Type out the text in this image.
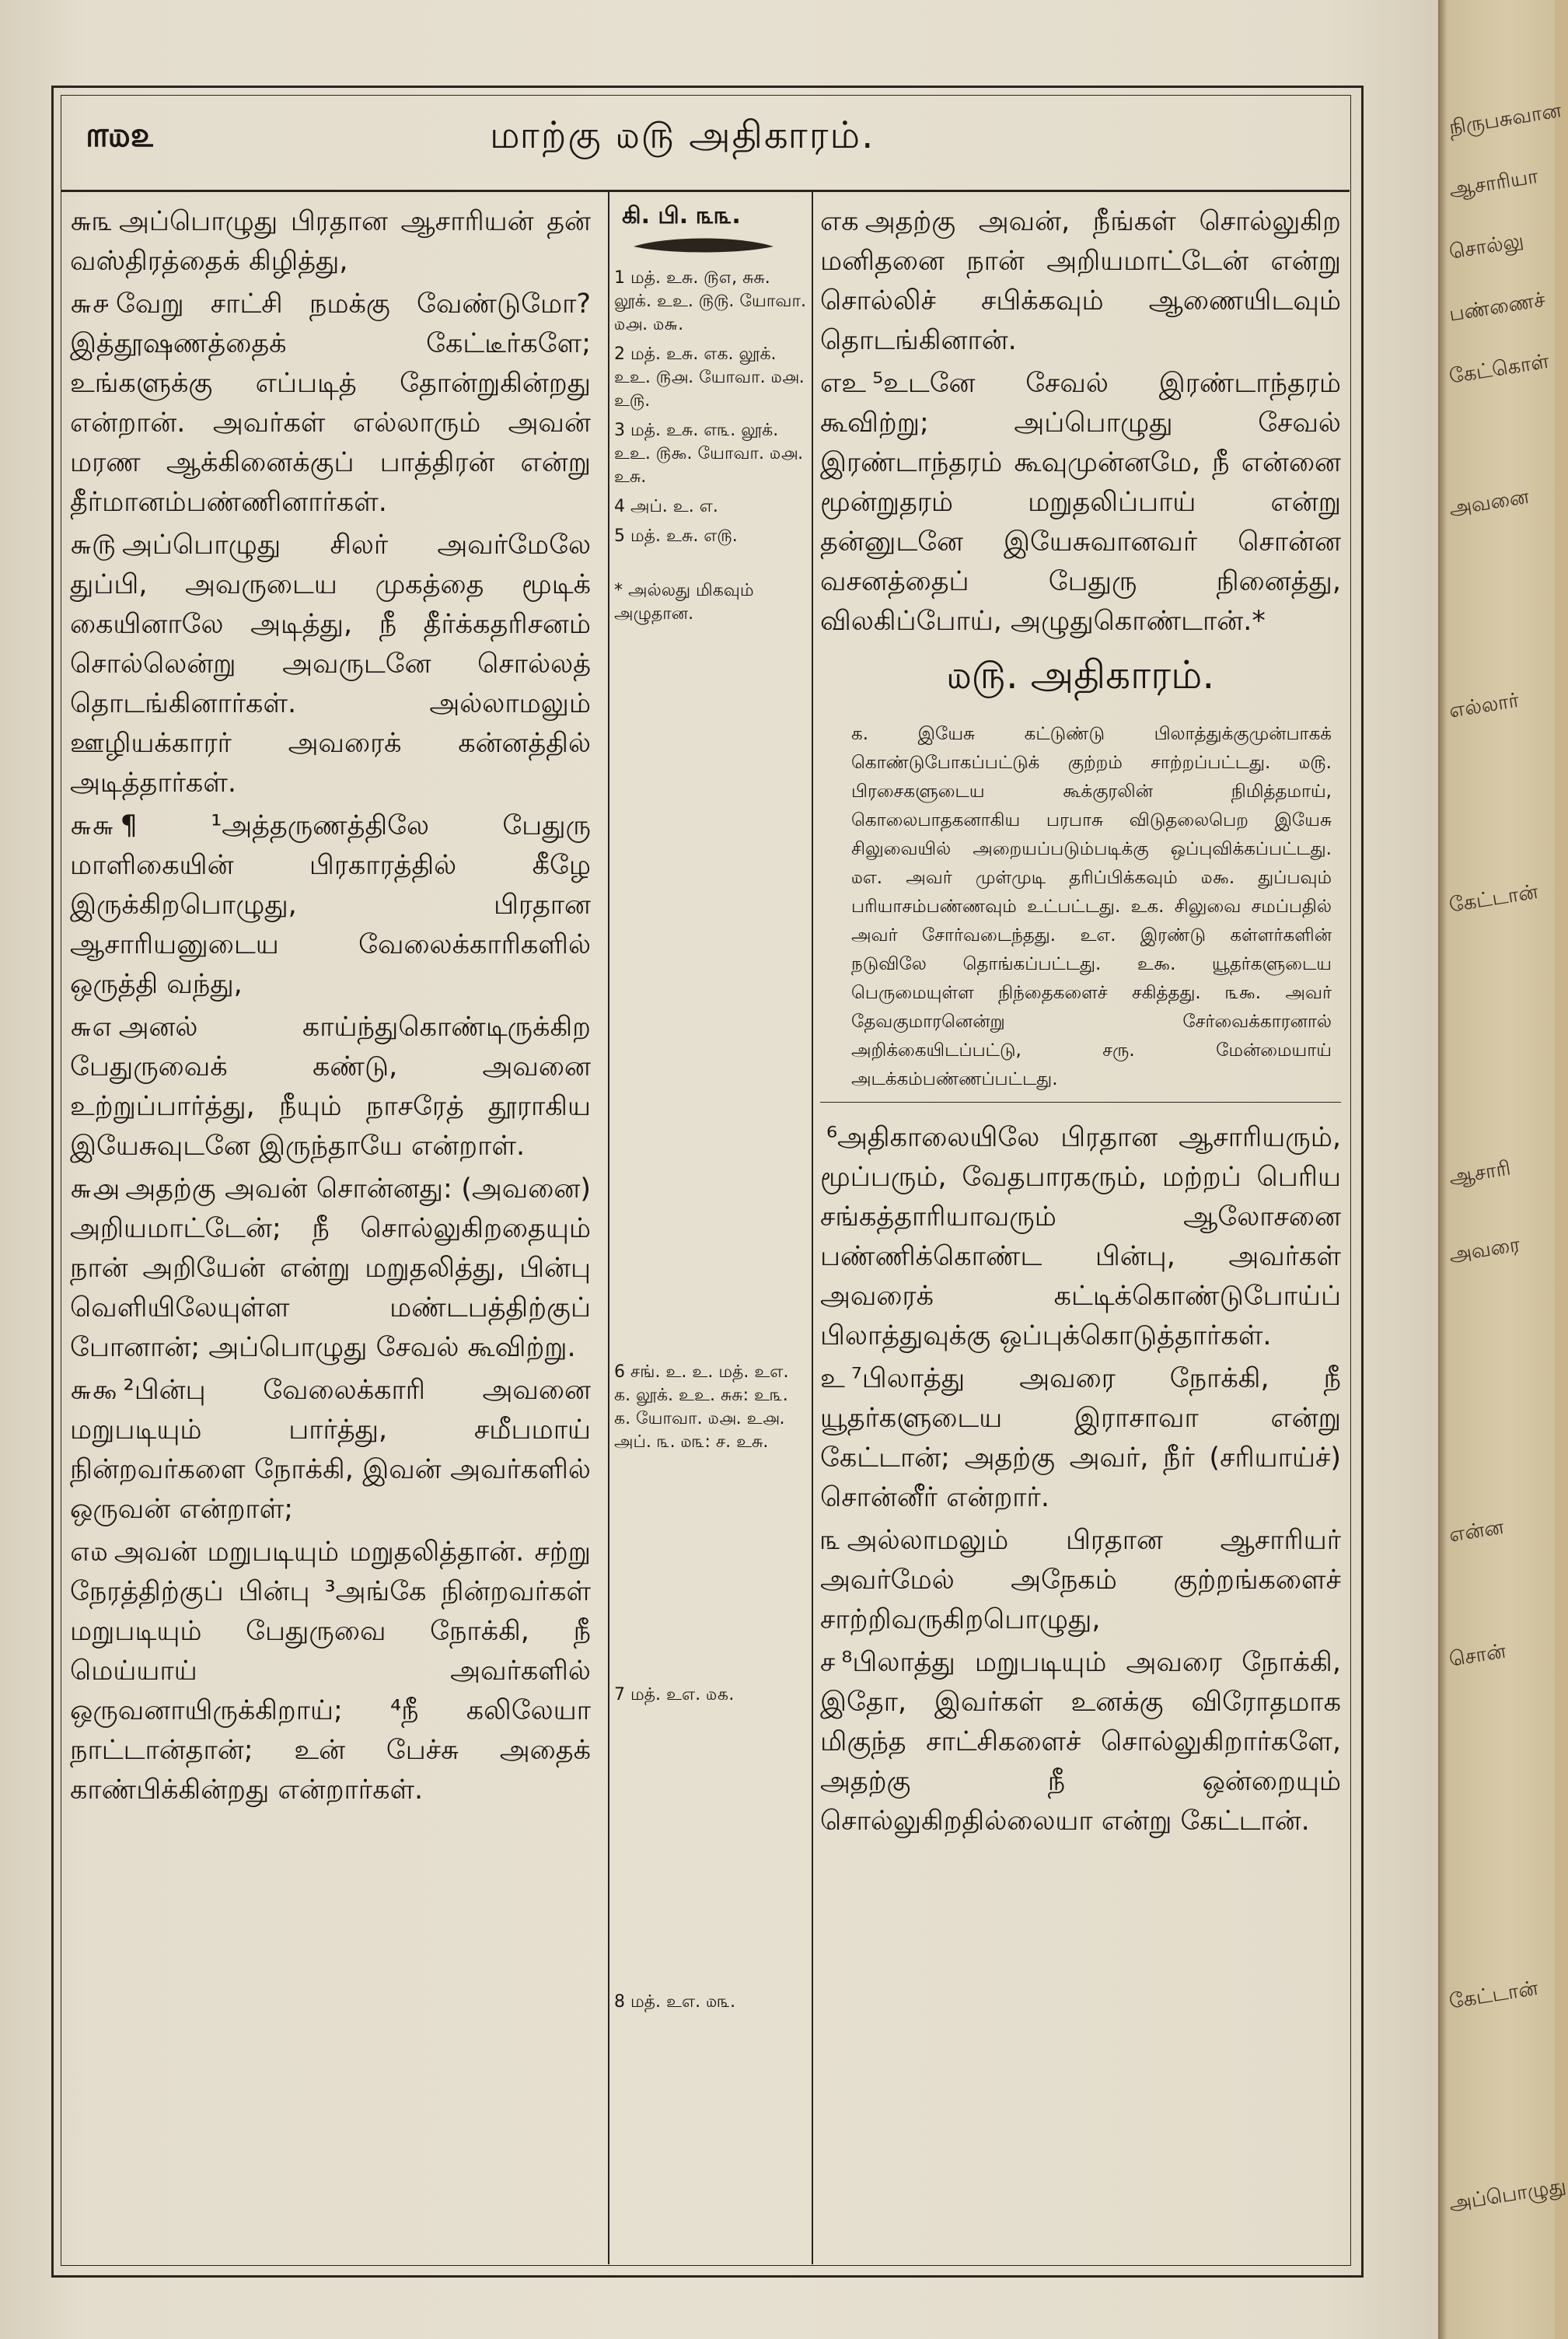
நிருபசுவான
ஆசாரியா
சொல்லு
பண்ணைச்
கேட்கொள்
அவனை
எல்லார்
கேட்டான்
ஆசாரி
அவரை
என்ன
சொன்
கேட்டான்
அப்பொழுது
௱௰௨	மாற்கு ௰௫ அதிகாரம்.

௬௩ அப்பொழுது பிரதான ஆசாரியன் தன் வஸ்திரத்தைக் கிழித்து,

௬௪ வேறு சாட்சி நமக்கு வேண்டுமோ? இத்தூஷணத்தைக் கேட்டீர்களே; உங்களுக்கு எப்படித் தோன்றுகின்றது என்றான். அவர்கள் எல்லாரும் அவன் மரண ஆக்கினைக்குப் பாத்திரன் என்று தீர்மானம்பண்ணினார்கள்.

௬௫ அப்பொழுது சிலர் அவர்மேலே துப்பி, அவருடைய முகத்தை மூடிக் கையினாலே அடித்து, நீ தீர்க்கதரிசனம் சொல்லென்று அவருடனே சொல்லத் தொடங்கினார்கள். அல்லாமலும் ஊழியக்காரர் அவரைக் கன்னத்தில் அடித்தார்கள்.

௬௬ ¶ ¹அத்தருணத்திலே பேதுரு மாளிகையின் பிரகாரத்தில் கீழே இருக்கிறபொழுது, பிரதான ஆசாரியனுடைய வேலைக்காரிகளில் ஒருத்தி வந்து,

௬௭ அனல் காய்ந்துகொண்டிருக்கிற பேதுருவைக் கண்டு, அவனை உற்றுப்பார்த்து, நீயும் நாசரேத் தூராகிய இயேசுவுடனே இருந்தாயே என்றாள்.

௬௮ அதற்கு அவன் சொன்னது: (அவனை) அறியமாட்டேன்; நீ சொல்லுகிறதையும் நான் அறியேன் என்று மறுதலித்து, பின்பு வெளியிலேயுள்ள மண்டபத்திற்குப் போனான்; அப்பொழுது சேவல் கூவிற்று.

௬௯ ²பின்பு வேலைக்காரி அவனை மறுபடியும் பார்த்து, சமீபமாய் நின்றவர்களை நோக்கி, இவன் அவர்களில் ஒருவன் என்றாள்;

௭௰ அவன் மறுபடியும் மறுதலித்தான். சற்று நேரத்திற்குப் பின்பு ³அங்கே நின்றவர்கள் மறுபடியும் பேதுருவை நோக்கி, நீ மெய்யாய் அவர்களில் ஒருவனாயிருக்கிறாய்; ⁴நீ கலிலேயா நாட்டான்தான்; உன் பேச்சு அதைக் காண்பிக்கின்றது என்றார்கள்.

கி. பி. ௩௩.
1 மத். உசு. ௫௭, சுசு. லூக். உஉ. ௫௫. யோவா. ௰௮. ௰௬.
2 மத். உசு. எக. லூக். உஉ. ௫௮. யோவா. ௰௮. உ௫.
3 மத். உசு. எ௩. லூக். உஉ. ௫௯. யோவா. ௰௮. உசு.
4 அப். உ. எ.
5 மத். உசு. எ௫.
* அல்லது மிகவும் அழுதான.
6 சங். உ. உ. மத். உஎ. க. லூக். உஉ. சுசு: உ௩. க. யோவா. ௰௮. உ௮. அப். ௩. ௰௩: ச. உசு.
7 மத். உஎ. ௰௧.
8 மத். உஎ. ௰௩.

எக அதற்கு அவன், நீங்கள் சொல்லுகிற மனிதனை நான் அறியமாட்டேன் என்று சொல்லிச் சபிக்கவும் ஆணையிடவும் தொடங்கினான்.

எஉ ⁵உடனே சேவல் இரண்டாந்தரம் கூவிற்று; அப்பொழுது சேவல் இரண்டாந்தரம் கூவுமுன்னமே, நீ என்னை மூன்றுதரம் மறுதலிப்பாய் என்று தன்னுடனே இயேசுவானவர் சொன்ன வசனத்தைப் பேதுரு நினைத்து, விலகிப்போய், அழுதுகொண்டான்.*

௰௫. அதிகாரம்.
க. இயேசு கட்டுண்டு பிலாத்துக்குமுன்பாகக் கொண்டுபோகப்பட்டுக் குற்றம் சாற்றப்பட்டது. ௰௫. பிரசைகளுடைய கூக்குரலின் நிமித்தமாய், கொலைபாதகனாகிய பரபாசு விடுதலைபெற இயேசு சிலுவையில் அறையப்படும்படிக்கு ஒப்புவிக்கப்பட்டது. ௰எ. அவர் முள்முடி தரிப்பிக்கவும் ௰௯. துப்பவும் பரியாசம்பண்ணவும் உட்பட்டது. உக. சிலுவை சமப்பதில் அவர் சோர்வடைந்தது. உஎ. இரண்டு கள்ளர்களின் நடுவிலே தொங்கப்பட்டது. உ௯. யூதர்களுடைய பெருமையுள்ள நிந்தைகளைச் சகித்தது. ௩௯. அவர் தேவகுமாரனென்று சேர்வைக்காரனால் அறிக்கையிடப்பட்டு, சரு. மேன்மையாய் அடக்கம்பண்ணப்பட்டது.

⁶அதிகாலையிலே பிரதான ஆசாரியரும், மூப்பரும், வேதபாரகரும், மற்றப் பெரிய சங்கத்தாரியாவரும் ஆலோசனை பண்ணிக்கொண்ட பின்பு, அவர்கள் அவரைக் கட்டிக்கொண்டுபோய்ப் பிலாத்துவுக்கு ஒப்புக்கொடுத்தார்கள்.

உ ⁷பிலாத்து அவரை நோக்கி, நீ யூதர்களுடைய இராசாவா என்று கேட்டான்; அதற்கு அவர், நீர் (சரியாய்ச்) சொன்னீர் என்றார்.

௩ அல்லாமலும் பிரதான ஆசாரியர் அவர்மேல் அநேகம் குற்றங்களைச் சாற்றிவருகிறபொழுது,

ச ⁸பிலாத்து மறுபடியும் அவரை நோக்கி, இதோ, இவர்கள் உனக்கு விரோதமாக மிகுந்த சாட்சிகளைச் சொல்லுகிறார்களே, அதற்கு நீ ஒன்றையும் சொல்லுகிறதில்லையா என்று கேட்டான்.
